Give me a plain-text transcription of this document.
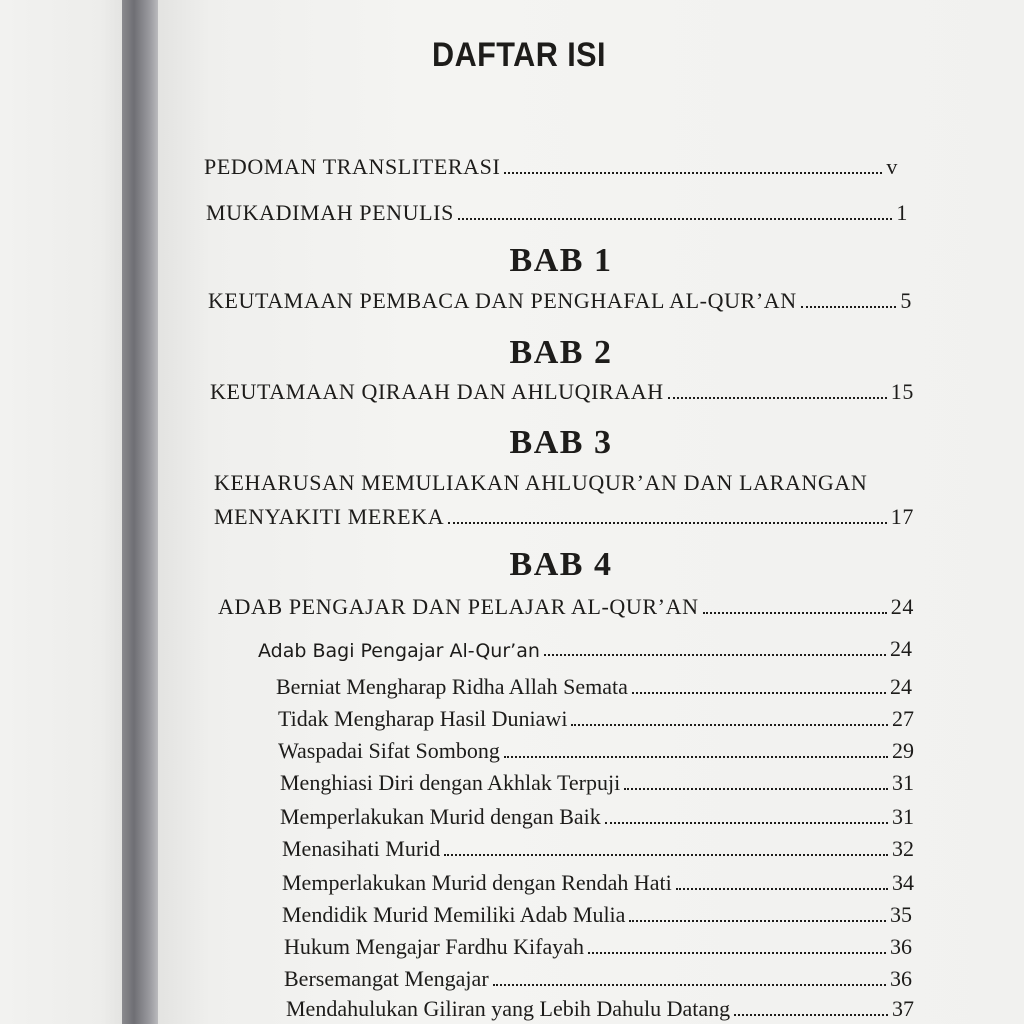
DAFTAR ISI
PEDOMAN TRANSLITERASI	v
MUKADIMAH PENULIS	1
BAB 1
KEUTAMAAN PEMBACA DAN PENGHAFAL AL-QUR’AN	5
BAB 2
KEUTAMAAN QIRAAH DAN AHLUQIRAAH	15
BAB 3
KEHARUSAN MEMULIAKAN AHLUQUR’AN DAN LARANGAN
MENYAKITI MEREKA	17
BAB 4
ADAB PENGAJAR DAN PELAJAR AL-QUR’AN	24
Adab Bagi Pengajar Al-Qur’an	24
Berniat Mengharap Ridha Allah Semata	24
Tidak Mengharap Hasil Duniawi	27
Waspadai Sifat Sombong	29
Menghiasi Diri dengan Akhlak Terpuji	31
Memperlakukan Murid dengan Baik	31
Menasihati Murid	32
Memperlakukan Murid dengan Rendah Hati	34
Mendidik Murid Memiliki Adab Mulia	35
Hukum Mengajar Fardhu Kifayah	36
Bersemangat Mengajar	36
Mendahulukan Giliran yang Lebih Dahulu Datang	37
